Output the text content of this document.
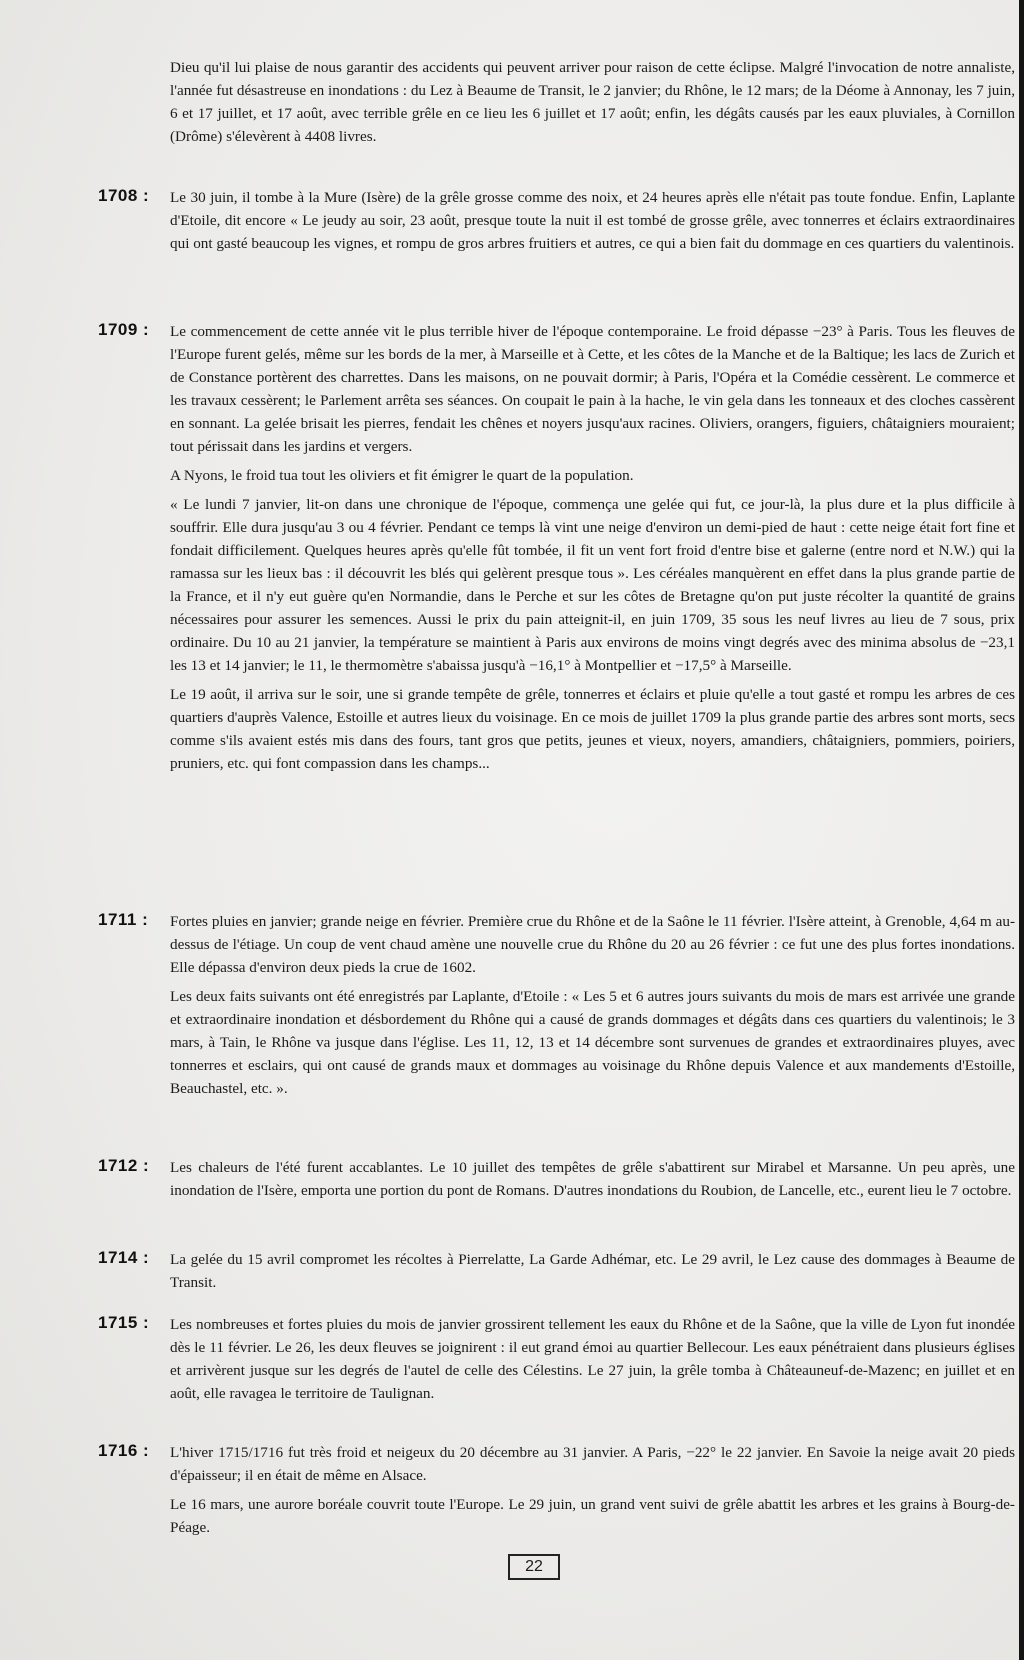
Dieu qu'il lui plaise de nous garantir des accidents qui peuvent arriver pour raison de cette éclipse. Malgré l'invocation de notre annaliste, l'année fut désastreuse en inondations : du Lez à Beaume de Transit, le 2 janvier; du Rhône, le 12 mars; de la Déome à Annonay, les 7 juin, 6 et 17 juillet, et 17 août, avec terrible grêle en ce lieu les 6 juillet et 17 août; enfin, les dégâts causés par les eaux pluviales, à Cornillon (Drôme) s'élevèrent à 4408 livres.

1708 :	Le 30 juin, il tombe à la Mure (Isère) de la grêle grosse comme des noix, et 24 heures après elle n'était pas toute fondue. Enfin, Laplante d'Etoile, dit encore « Le jeudy au soir, 23 août, presque toute la nuit il est tombé de grosse grêle, avec tonnerres et éclairs extraordinaires qui ont gasté beaucoup les vignes, et rompu de gros arbres fruitiers et autres, ce qui a bien fait du dommage en ces quartiers du valentinois.

1709 :	Le commencement de cette année vit le plus terrible hiver de l'époque contemporaine. Le froid dépasse −23° à Paris. Tous les fleuves de l'Europe furent gelés, même sur les bords de la mer, à Marseille et à Cette, et les côtes de la Manche et de la Baltique; les lacs de Zurich et de Constance portèrent des charrettes. Dans les maisons, on ne pouvait dormir; à Paris, l'Opéra et la Comédie cessèrent. Le commerce et les travaux cessèrent; le Parlement arrêta ses séances. On coupait le pain à la hache, le vin gela dans les tonneaux et des cloches cassèrent en sonnant. La gelée brisait les pierres, fendait les chênes et noyers jusqu'aux racines. Oliviers, orangers, figuiers, châtaigniers mouraient; tout périssait dans les jardins et vergers.

A Nyons, le froid tua tout les oliviers et fit émigrer le quart de la population.

« Le lundi 7 janvier, lit-on dans une chronique de l'époque, commença une gelée qui fut, ce jour-là, la plus dure et la plus difficile à souffrir. Elle dura jusqu'au 3 ou 4 février. Pendant ce temps là vint une neige d'environ un demi-pied de haut : cette neige était fort fine et fondait difficilement. Quelques heures après qu'elle fût tombée, il fit un vent fort froid d'entre bise et galerne (entre nord et N.W.) qui la ramassa sur les lieux bas : il découvrit les blés qui gelèrent presque tous ». Les céréales manquèrent en effet dans la plus grande partie de la France, et il n'y eut guère qu'en Normandie, dans le Perche et sur les côtes de Bretagne qu'on put juste récolter la quantité de grains nécessaires pour assurer les semences. Aussi le prix du pain atteignit-il, en juin 1709, 35 sous les neuf livres au lieu de 7 sous, prix ordinaire. Du 10 au 21 janvier, la température se maintient à Paris aux environs de moins vingt degrés avec des minima absolus de −23,1 les 13 et 14 janvier; le 11, le thermomètre s'abaissa jusqu'à −16,1° à Montpellier et −17,5° à Marseille.

Le 19 août, il arriva sur le soir, une si grande tempête de grêle, tonnerres et éclairs et pluie qu'elle a tout gasté et rompu les arbres de ces quartiers d'auprès Valence, Estoille et autres lieux du voisinage. En ce mois de juillet 1709 la plus grande partie des arbres sont morts, secs comme s'ils avaient estés mis dans des fours, tant gros que petits, jeunes et vieux, noyers, amandiers, châtaigniers, pommiers, poiriers, pruniers, etc. qui font compassion dans les champs...

1711 :	Fortes pluies en janvier; grande neige en février. Première crue du Rhône et de la Saône le 11 février. l'Isère atteint, à Grenoble, 4,64 m au-dessus de l'étiage. Un coup de vent chaud amène une nouvelle crue du Rhône du 20 au 26 février : ce fut une des plus fortes inondations. Elle dépassa d'environ deux pieds la crue de 1602.

Les deux faits suivants ont été enregistrés par Laplante, d'Etoile : « Les 5 et 6 autres jours suivants du mois de mars est arrivée une grande et extraordinaire inondation et désbordement du Rhône qui a causé de grands dommages et dégâts dans ces quartiers du valentinois; le 3 mars, à Tain, le Rhône va jusque dans l'église. Les 11, 12, 13 et 14 décembre sont survenues de grandes et extraordinaires pluyes, avec tonnerres et esclairs, qui ont causé de grands maux et dommages au voisinage du Rhône depuis Valence et aux mandements d'Estoille, Beauchastel, etc. ».

1712 :	Les chaleurs de l'été furent accablantes. Le 10 juillet des tempêtes de grêle s'abattirent sur Mirabel et Marsanne. Un peu après, une inondation de l'Isère, emporta une portion du pont de Romans. D'autres inondations du Roubion, de Lancelle, etc., eurent lieu le 7 octobre.

1714 :	La gelée du 15 avril compromet les récoltes à Pierrelatte, La Garde Adhémar, etc. Le 29 avril, le Lez cause des dommages à Beaume de Transit.

1715 :	Les nombreuses et fortes pluies du mois de janvier grossirent tellement les eaux du Rhône et de la Saône, que la ville de Lyon fut inondée dès le 11 février. Le 26, les deux fleuves se joignirent : il eut grand émoi au quartier Bellecour. Les eaux pénétraient dans plusieurs églises et arrivèrent jusque sur les degrés de l'autel de celle des Célestins. Le 27 juin, la grêle tomba à Châteauneuf-de-Mazenc; en juillet et en août, elle ravagea le territoire de Taulignan.

1716 :	L'hiver 1715/1716 fut très froid et neigeux du 20 décembre au 31 janvier. A Paris, −22° le 22 janvier. En Savoie la neige avait 20 pieds d'épaisseur; il en était de même en Alsace.

Le 16 mars, une aurore boréale couvrit toute l'Europe. Le 29 juin, un grand vent suivi de grêle abattit les arbres et les grains à Bourg-de-Péage.

22
